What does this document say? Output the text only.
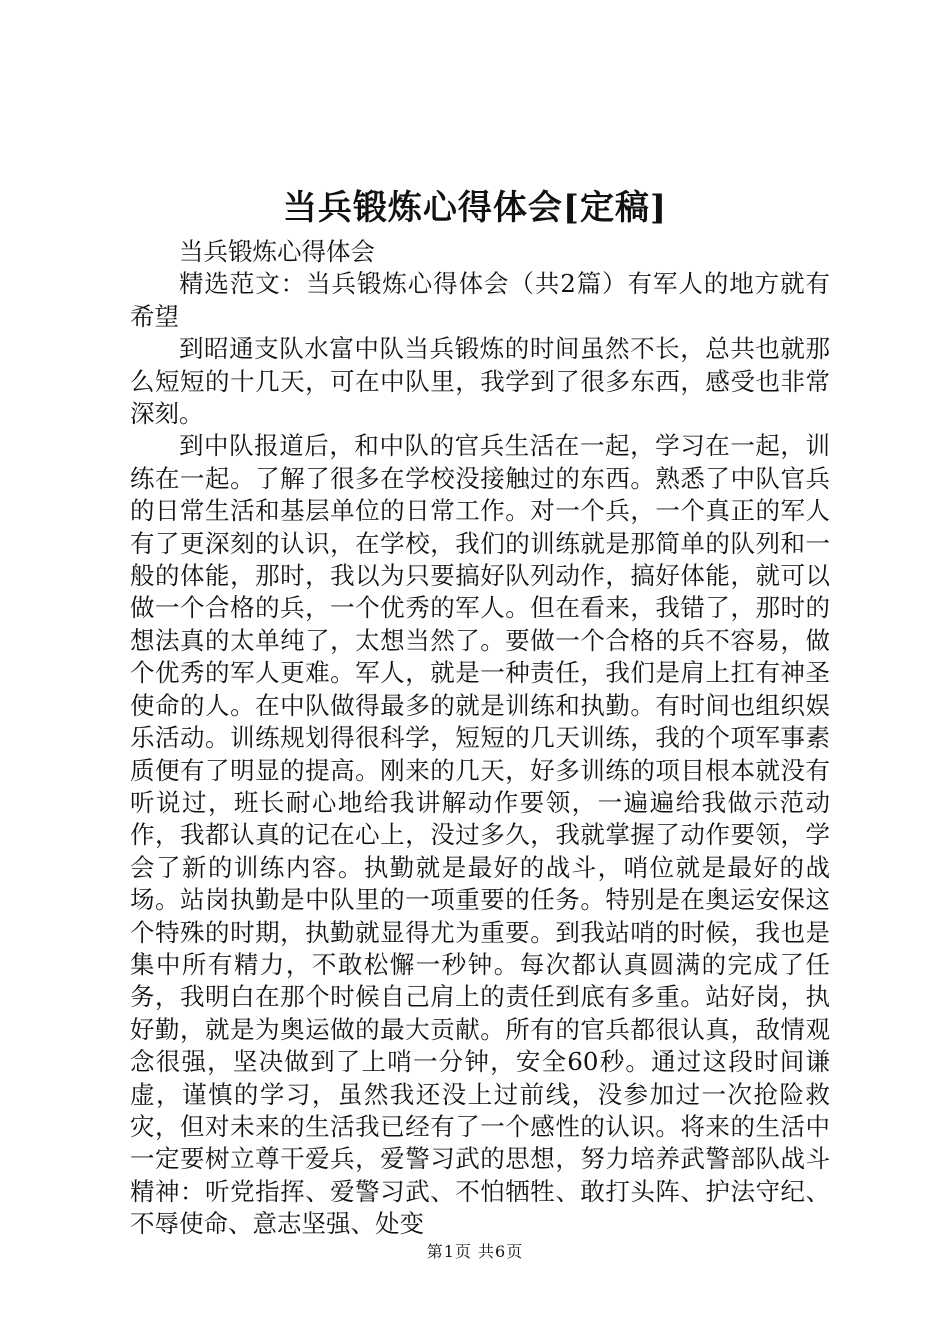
当兵锻炼心得体会[定稿]

当兵锻炼心得体会

精选范文：当兵锻炼心得体会（共2篇）有军人的地方就有希望

到昭通支队水富中队当兵锻炼的时间虽然不长，总共也就那么短短的十几天，可在中队里，我学到了很多东西，感受也非常深刻。

到中队报道后，和中队的官兵生活在一起，学习在一起，训练在一起。了解了很多在学校没接触过的东西。熟悉了中队官兵的日常生活和基层单位的日常工作。对一个兵，一个真正的军人有了更深刻的认识，在学校，我们的训练就是那简单的队列和一般的体能，那时，我以为只要搞好队列动作，搞好体能，就可以做一个合格的兵，一个优秀的军人。但在看来，我错了，那时的想法真的太单纯了，太想当然了。要做一个合格的兵不容易，做个优秀的军人更难。军人，就是一种责任，我们是肩上扛有神圣使命的人。在中队做得最多的就是训练和执勤。有时间也组织娱乐活动。训练规划得很科学，短短的几天训练，我的个项军事素质便有了明显的提高。刚来的几天，好多训练的项目根本就没有听说过，班长耐心地给我讲解动作要领，一遍遍给我做示范动作，我都认真的记在心上，没过多久，我就掌握了动作要领，学会了新的训练内容。执勤就是最好的战斗，哨位就是最好的战场。站岗执勤是中队里的一项重要的任务。特别是在奥运安保这个特殊的时期，执勤就显得尤为重要。到我站哨的时候，我也是集中所有精力，不敢松懈一秒钟。每次都认真圆满的完成了任务，我明白在那个时候自己肩上的责任到底有多重。站好岗，执好勤，就是为奥运做的最大贡献。所有的官兵都很认真，敌情观念很强，坚决做到了上哨一分钟，安全60秒。通过这段时间谦虚，谨慎的学习，虽然我还没上过前线，没参加过一次抢险救灾，但对未来的生活我已经有了一个感性的认识。将来的生活中一定要树立尊干爱兵，爱警习武的思想，努力培养武警部队战斗精神：听党指挥、爱警习武、不怕牺牲、敢打头阵、护法守纪、不辱使命、意志坚强、处变

第1页 共6页
